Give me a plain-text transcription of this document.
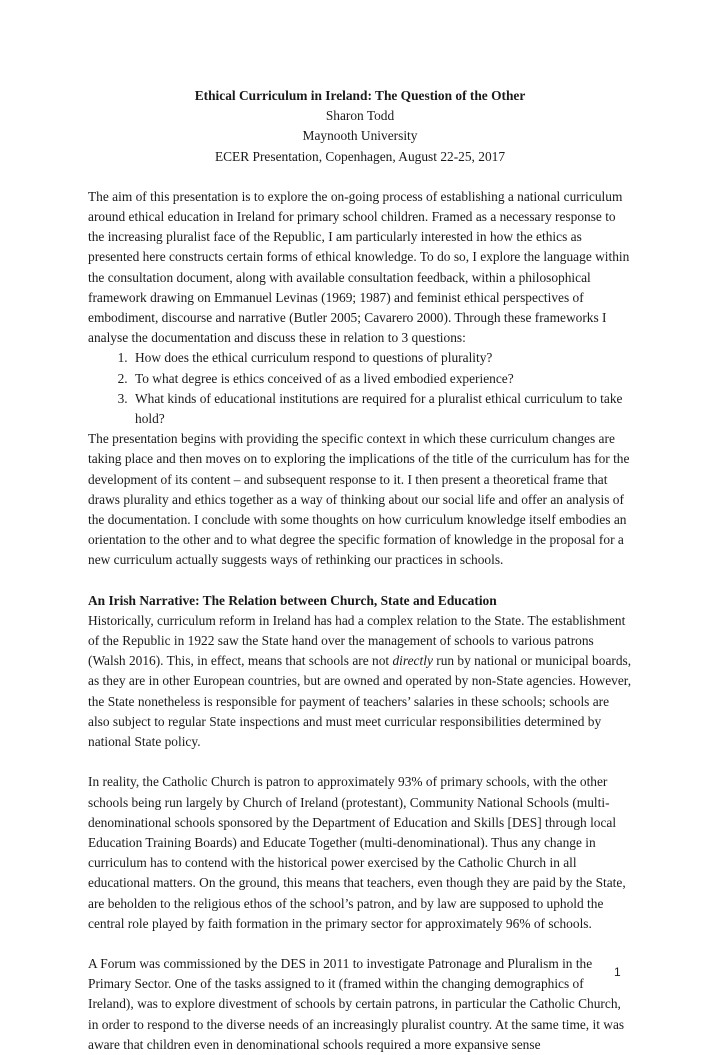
Ethical Curriculum in Ireland: The Question of the Other
Sharon Todd
Maynooth University
ECER Presentation, Copenhagen, August 22-25, 2017

The aim of this presentation is to explore the on-going process of establishing a national curriculum around ethical education in Ireland for primary school children. Framed as a necessary response to the increasing pluralist face of the Republic, I am particularly interested in how the ethics as presented here constructs certain forms of ethical knowledge. To do so, I explore the language within the consultation document, along with available consultation feedback, within a philosophical framework drawing on Emmanuel Levinas (1969; 1987) and feminist ethical perspectives of embodiment, discourse and narrative (Butler 2005; Cavarero 2000). Through these frameworks I analyse the documentation and discuss these in relation to 3 questions:

1. How does the ethical curriculum respond to questions of plurality?
2. To what degree is ethics conceived of as a lived embodied experience?
3. What kinds of educational institutions are required for a pluralist ethical curriculum to take hold?

The presentation begins with providing the specific context in which these curriculum changes are taking place and then moves on to exploring the implications of the title of the curriculum has for the development of its content – and subsequent response to it. I then present a theoretical frame that draws plurality and ethics together as a way of thinking about our social life and offer an analysis of the documentation. I conclude with some thoughts on how curriculum knowledge itself embodies an orientation to the other and to what degree the specific formation of knowledge in the proposal for a new curriculum actually suggests ways of rethinking our practices in schools.

An Irish Narrative: The Relation between Church, State and Education

Historically, curriculum reform in Ireland has had a complex relation to the State. The establishment of the Republic in 1922 saw the State hand over the management of schools to various patrons (Walsh 2016). This, in effect, means that schools are not directly run by national or municipal boards, as they are in other European countries, but are owned and operated by non-State agencies. However, the State nonetheless is responsible for payment of teachers’ salaries in these schools; schools are also subject to regular State inspections and must meet curricular responsibilities determined by national State policy.

In reality, the Catholic Church is patron to approximately 93% of primary schools, with the other schools being run largely by Church of Ireland (protestant), Community National Schools (multi-denominational schools sponsored by the Department of Education and Skills [DES] through local Education Training Boards) and Educate Together (multi-denominational). Thus any change in curriculum has to contend with the historical power exercised by the Catholic Church in all educational matters. On the ground, this means that teachers, even though they are paid by the State, are beholden to the religious ethos of the school’s patron, and by law are supposed to uphold the central role played by faith formation in the primary sector for approximately 96% of schools.

A Forum was commissioned by the DES in 2011 to investigate Patronage and Pluralism in the Primary Sector. One of the tasks assigned to it (framed within the changing demographics of Ireland), was to explore divestment of schools by certain patrons, in particular the Catholic Church, in order to respond to the diverse needs of an increasingly pluralist country. At the same time, it was aware that children even in denominational schools required a more expansive sense

1
